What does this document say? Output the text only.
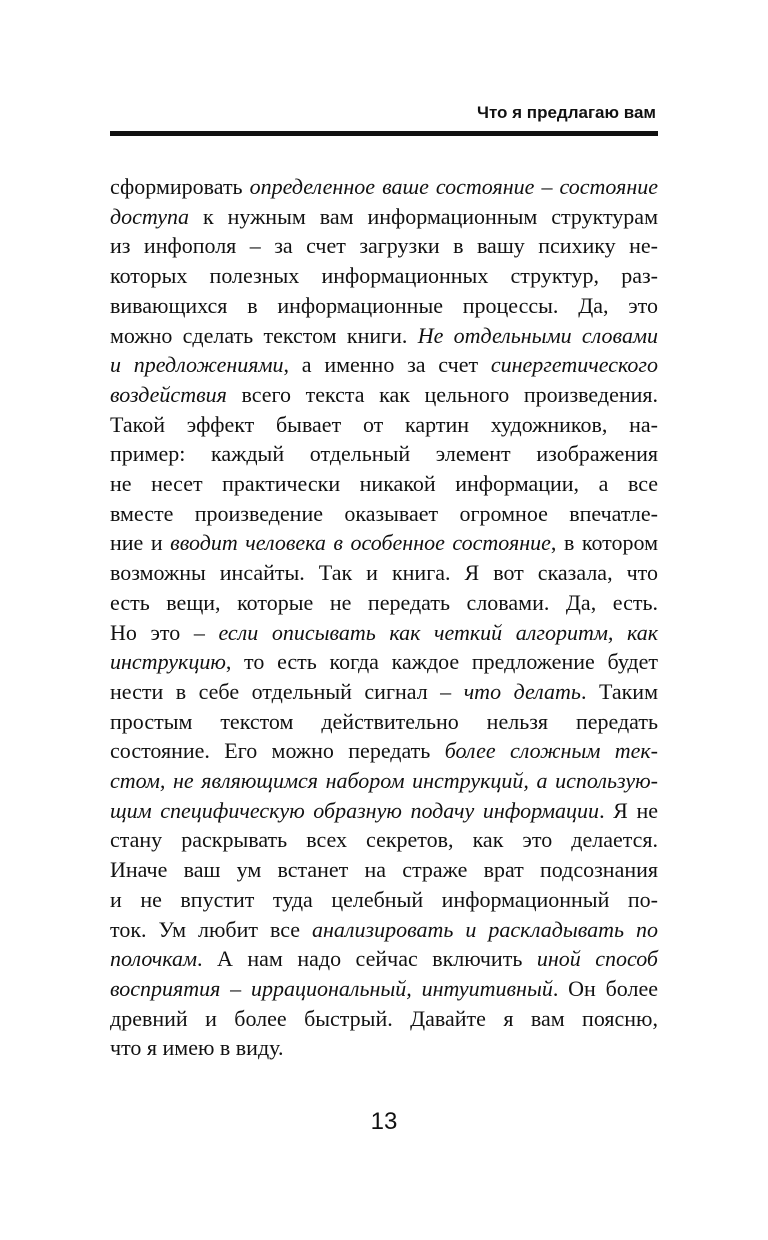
Что я предлагаю вам
сформировать определенное ваше состояние – состояние
доступа к нужным вам информационным структурам
из инфополя – за счет загрузки в вашу психику не-
которых полезных информационных структур, раз-
вивающихся в информационные процессы. Да, это
можно сделать текстом книги. Не отдельными словами
и предложениями, а именно за счет синергетического
воздействия всего текста как цельного произведения.
Такой эффект бывает от картин художников, на-
пример: каждый отдельный элемент изображения
не несет практически никакой информации, а все
вместе произведение оказывает огромное впечатле-
ние и вводит человека в особенное состояние, в котором
возможны инсайты. Так и книга. Я вот сказала, что
есть вещи, которые не передать словами. Да, есть.
Но это – если описывать как четкий алгоритм, как
инструкцию, то есть когда каждое предложение будет
нести в себе отдельный сигнал – что делать. Таким
простым текстом действительно нельзя передать
состояние. Его можно передать более сложным тек-
стом, не являющимся набором инструкций, а использую-
щим специфическую образную подачу информации. Я не
стану раскрывать всех секретов, как это делается.
Иначе ваш ум встанет на страже врат подсознания
и не впустит туда целебный информационный по-
ток. Ум любит все анализировать и раскладывать по
полочкам. А нам надо сейчас включить иной способ
восприятия – иррациональный, интуитивный. Он более
древний и более быстрый. Давайте я вам поясню,
что я имею в виду.
13
